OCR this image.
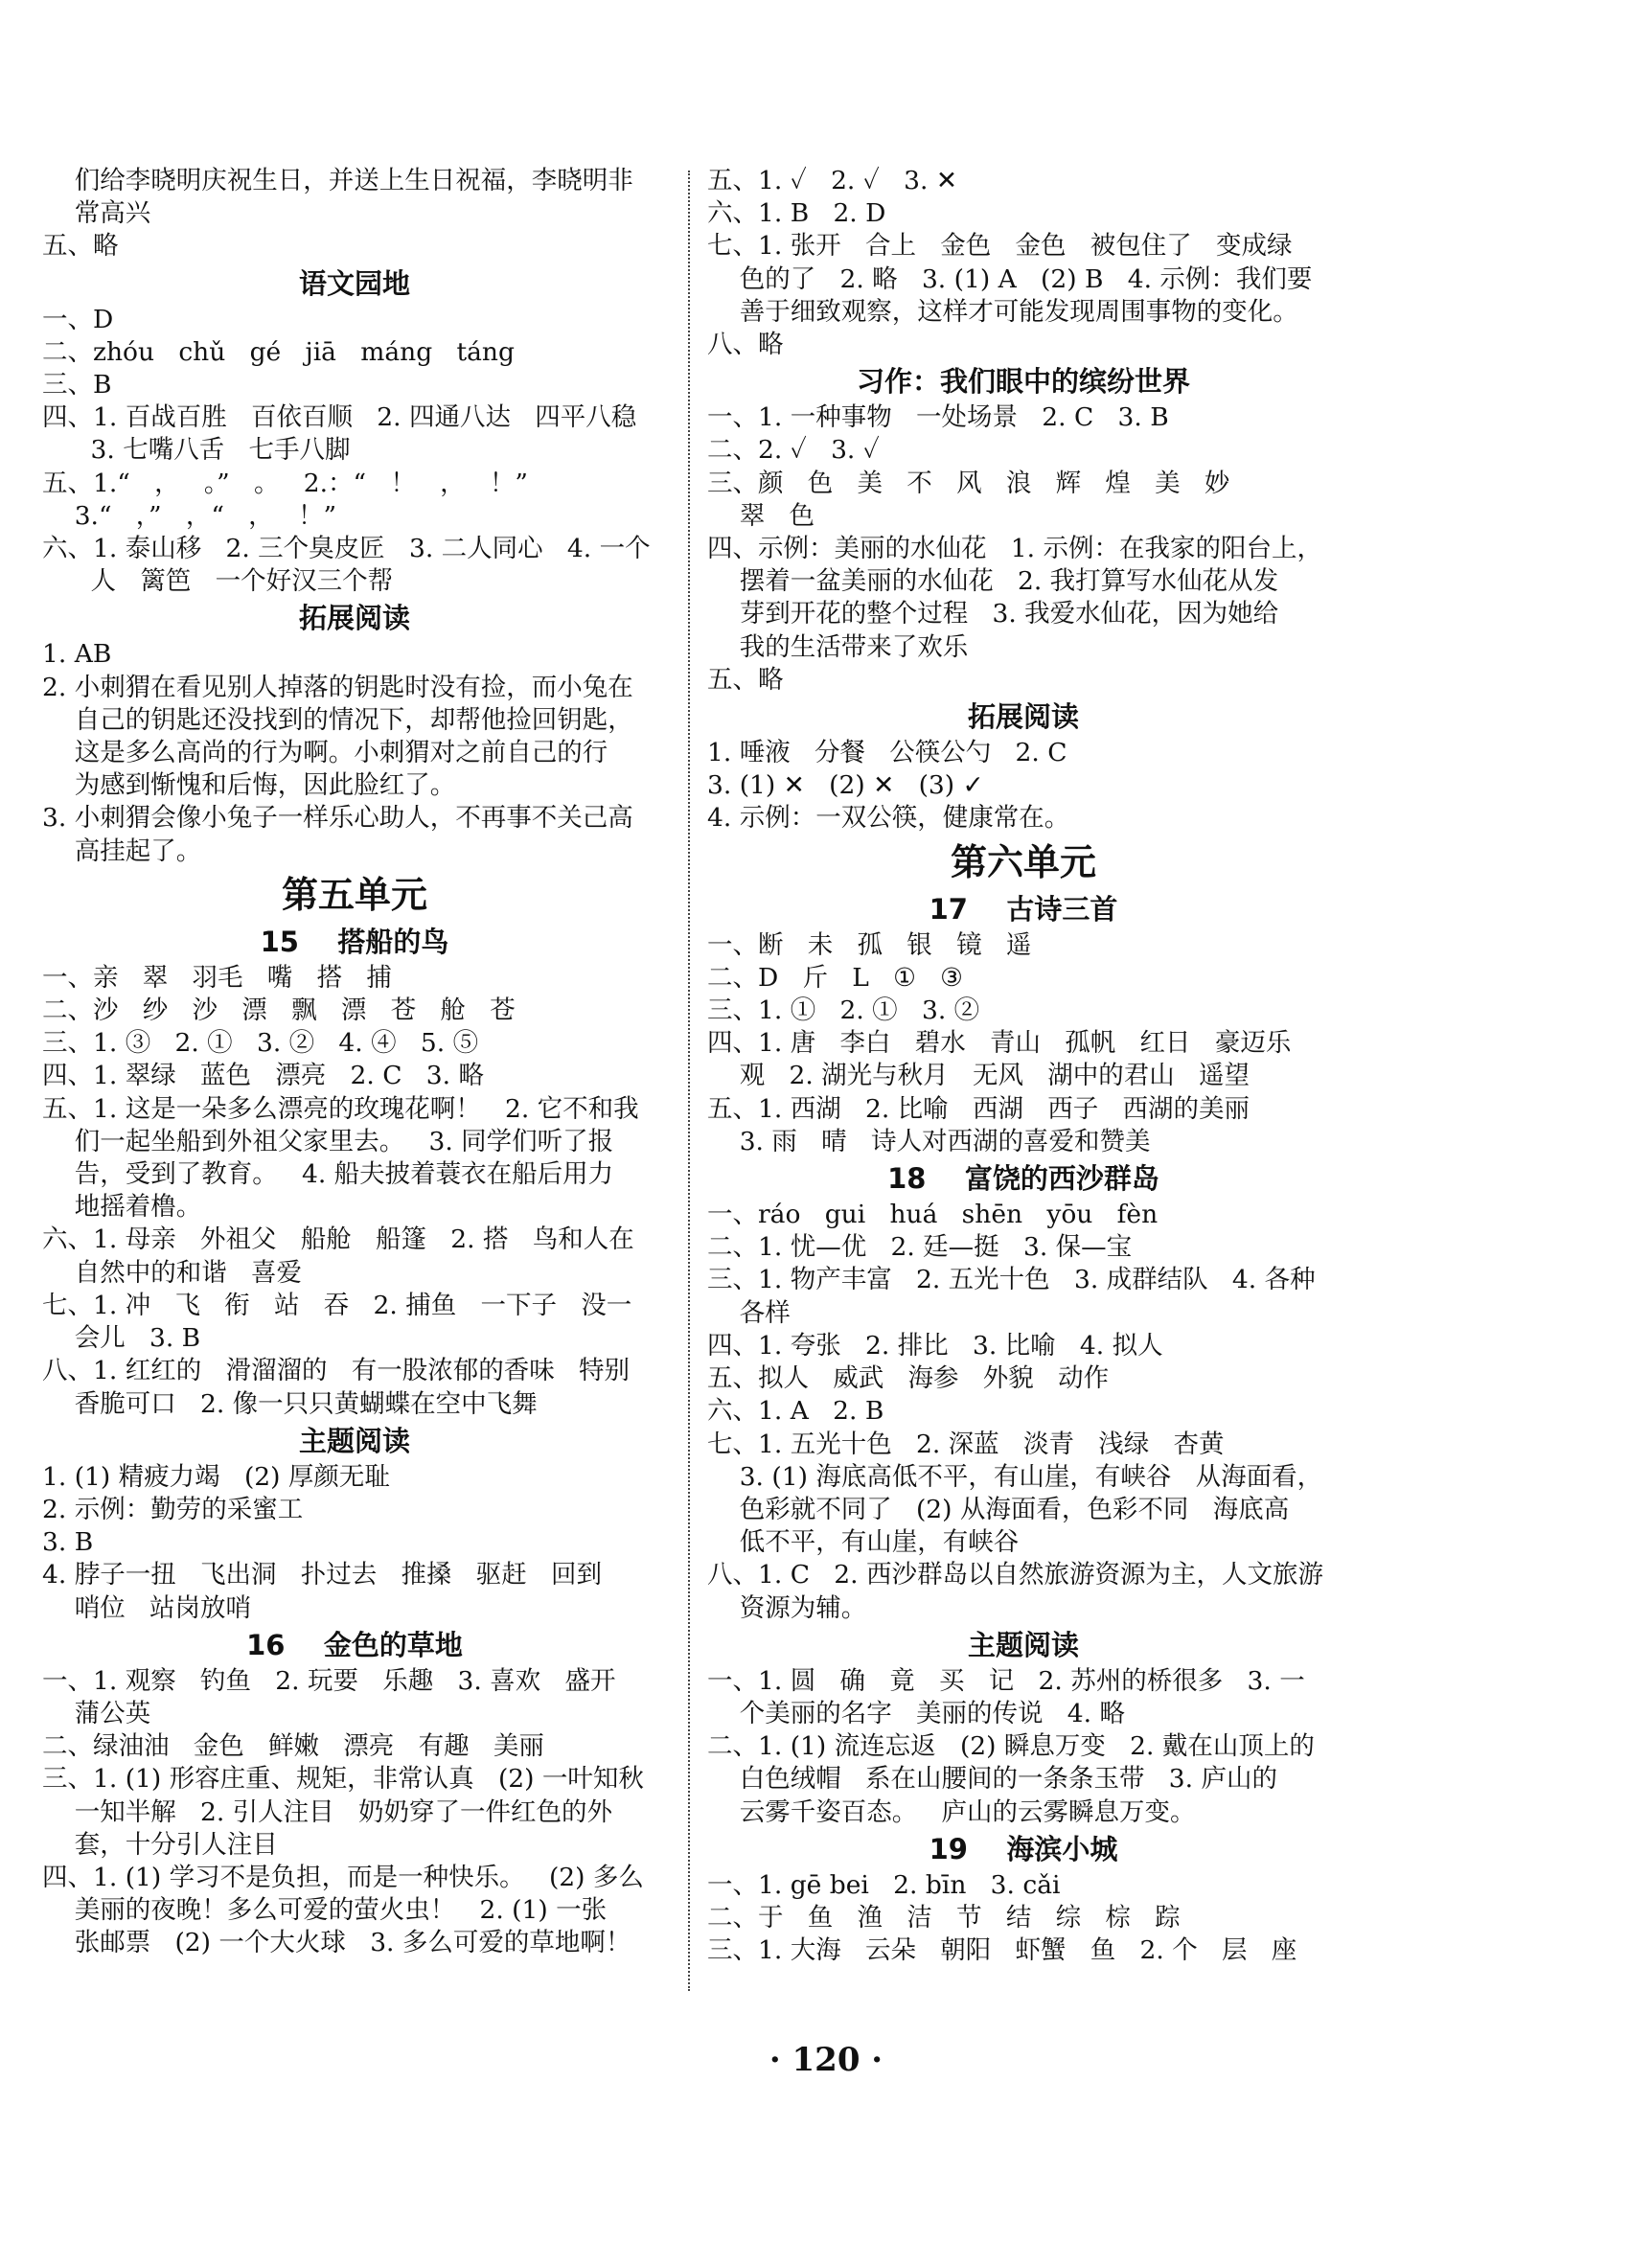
们给李晓明庆祝生日，并送上生日祝福，李晓明非
常高兴
五、略
语文园地
一、D
二、zhóu   chǔ   gé   jiā   máng   táng
三、B
四、1. 百战百胜   百依百顺   2. 四通八达   四平八稳
3. 七嘴八舌   七手八脚
五、1.“   ，   。”   。   2.：“   ！   ，   ！”
3.“   ，”   ，“   ，   ！”
六、1. 泰山移   2. 三个臭皮匠   3. 二人同心   4. 一个
人   篱笆   一个好汉三个帮
拓展阅读
1. AB
2. 小刺猬在看见别人掉落的钥匙时没有捡，而小兔在
自己的钥匙还没找到的情况下，却帮他捡回钥匙，
这是多么高尚的行为啊。小刺猬对之前自己的行
为感到惭愧和后悔，因此脸红了。
3. 小刺猬会像小兔子一样乐心助人，不再事不关己高
高挂起了。
第五单元
15    搭船的鸟
一、亲   翠   羽毛   嘴   搭   捕
二、沙   纱   沙   漂   飘   漂   苍   舱   苍
三、1. ③   2. ①   3. ②   4. ④   5. ⑤
四、1. 翠绿   蓝色   漂亮   2. C   3. 略
五、1. 这是一朵多么漂亮的玫瑰花啊！   2. 它不和我
们一起坐船到外祖父家里去。   3. 同学们听了报
告，受到了教育。   4. 船夫披着蓑衣在船后用力
地摇着橹。
六、1. 母亲   外祖父   船舱   船篷   2. 搭   鸟和人在
自然中的和谐   喜爱
七、1. 冲   飞   衔   站   吞   2. 捕鱼   一下子   没一
会儿   3. B
八、1. 红红的   滑溜溜的   有一股浓郁的香味   特别
香脆可口   2. 像一只只黄蝴蝶在空中飞舞
主题阅读
1. (1) 精疲力竭   (2) 厚颜无耻
2. 示例：勤劳的采蜜工
3. B
4. 脖子一扭   飞出洞   扑过去   推搡   驱赶   回到
哨位   站岗放哨
16    金色的草地
一、1. 观察   钓鱼   2. 玩要   乐趣   3. 喜欢   盛开
蒲公英
二、绿油油   金色   鲜嫩   漂亮   有趣   美丽
三、1. (1) 形容庄重、规矩，非常认真   (2) 一叶知秋
一知半解   2. 引人注目   奶奶穿了一件红色的外
套，十分引人注目
四、1. (1) 学习不是负担，而是一种快乐。   (2) 多么
美丽的夜晚！多么可爱的萤火虫！   2. (1) 一张
张邮票   (2) 一个大火球   3. 多么可爱的草地啊！
五、1. ✓   2. ✓   3. ✕
六、1. B   2. D
七、1. 张开   合上   金色   金色   被包住了   变成绿
色的了   2. 略   3. (1) A   (2) B   4. 示例：我们要
善于细致观察，这样才可能发现周围事物的变化。
八、略
习作：我们眼中的缤纷世界
一、1. 一种事物   一处场景   2. C   3. B
二、2. ✓   3. ✓
三、颜   色   美   不   风   浪   辉   煌   美   妙
翠   色
四、示例：美丽的水仙花   1. 示例：在我家的阳台上，
摆着一盆美丽的水仙花   2. 我打算写水仙花从发
芽到开花的整个过程   3. 我爱水仙花，因为她给
我的生活带来了欢乐
五、略
拓展阅读
1. 唾液   分餐   公筷公勺   2. C
3. (1) ✕   (2) ✕   (3) ✓
4. 示例：一双公筷，健康常在。
第六单元
17    古诗三首
一、断   未   孤   银   镜   遥
二、D   斤   L   ①   ③
三、1. ①   2. ①   3. ②
四、1. 唐   李白   碧水   青山   孤帆   红日   豪迈乐
观   2. 湖光与秋月   无风   湖中的君山   遥望
五、1. 西湖   2. 比喻   西湖   西子   西湖的美丽
3. 雨   晴   诗人对西湖的喜爱和赞美
18    富饶的西沙群岛
一、ráo   gui   huá   shēn   yōu   fèn
二、1. 忧—优   2. 廷—挺   3. 保—宝
三、1. 物产丰富   2. 五光十色   3. 成群结队   4. 各种
各样
四、1. 夸张   2. 排比   3. 比喻   4. 拟人
五、拟人   威武   海参   外貌   动作
六、1. A   2. B
七、1. 五光十色   2. 深蓝   淡青   浅绿   杏黄
3. (1) 海底高低不平，有山崖，有峡谷   从海面看，
色彩就不同了   (2) 从海面看，色彩不同   海底高
低不平，有山崖，有峡谷
八、1. C   2. 西沙群岛以自然旅游资源为主，人文旅游
资源为辅。
主题阅读
一、1. 圆   确   竟   买   记   2. 苏州的桥很多   3. 一
个美丽的名字   美丽的传说   4. 略
二、1. (1) 流连忘返   (2) 瞬息万变   2. 戴在山顶上的
白色绒帽   系在山腰间的一条条玉带   3. 庐山的
云雾千姿百态。   庐山的云雾瞬息万变。
19    海滨小城
一、1. gē bei   2. bīn   3. cǎi
二、于   鱼   渔   洁   节   结   综   棕   踪
三、1. 大海   云朵   朝阳   虾蟹   鱼   2. 个   层   座
· 120 ·
